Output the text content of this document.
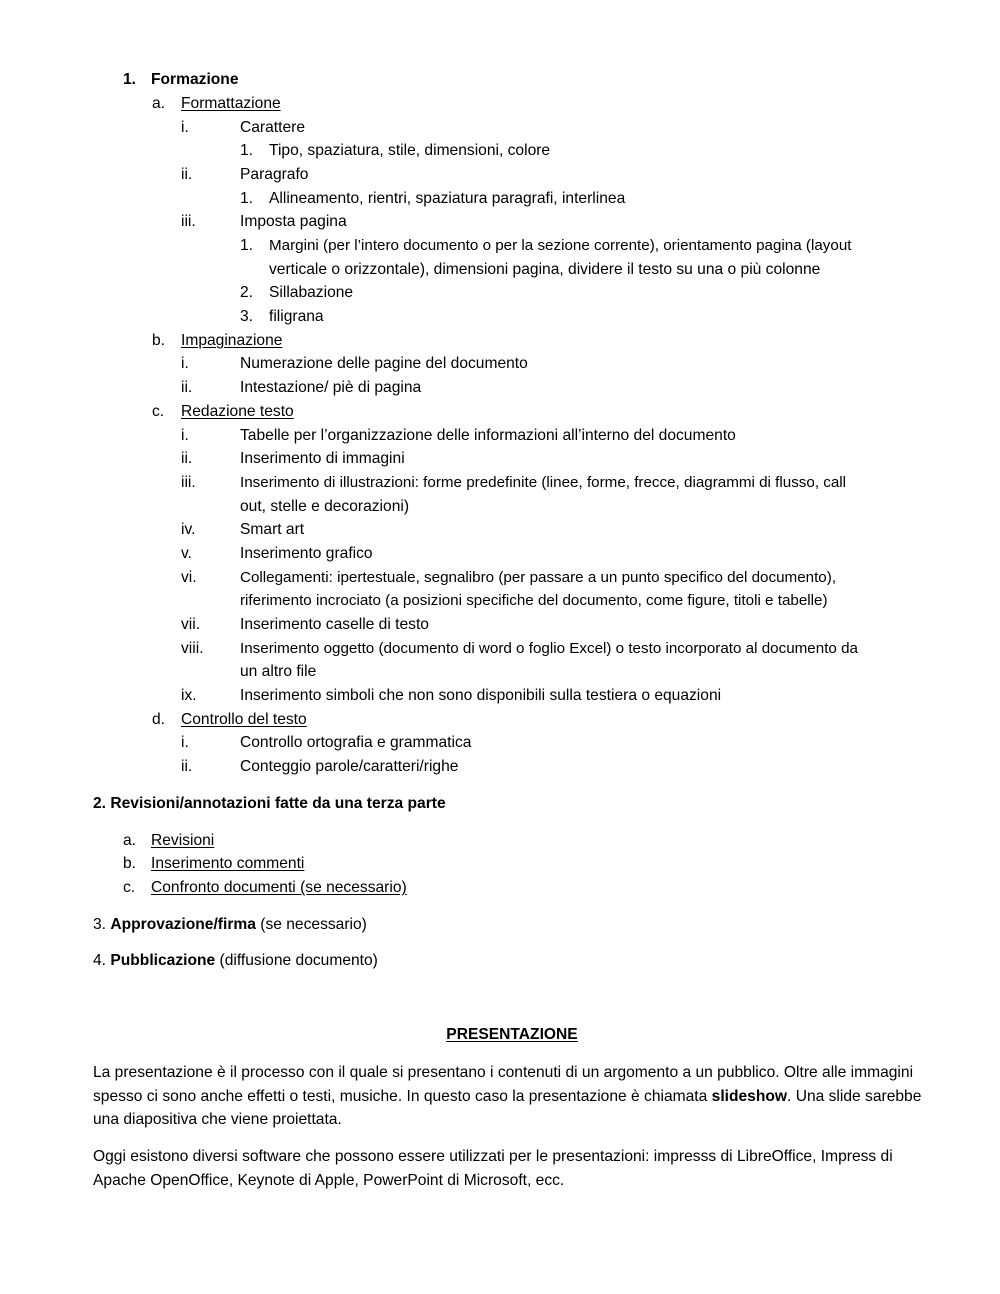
1. Formazione
a. Formattazione
i.	Carattere
1. Tipo, spaziatura, stile, dimensioni, colore
ii.	Paragrafo
1. Allineamento, rientri, spaziatura paragrafi, interlinea
iii.	Imposta pagina
1. Margini (per l’intero documento o per la sezione corrente), orientamento pagina (layout
verticale o orizzontale), dimensioni pagina, dividere il testo su una o più colonne
2. Sillabazione
3. filigrana
b. Impaginazione
i.	Numerazione delle pagine del documento
ii.	Intestazione/ piè di pagina
c. Redazione testo
i.	Tabelle per l’organizzazione delle informazioni all’interno del documento
ii.	Inserimento di immagini
iii.	Inserimento di illustrazioni: forme predefinite (linee, forme, frecce, diagrammi di flusso, call
out, stelle e decorazioni)
iv.	Smart art
v.	Inserimento grafico
vi.	Collegamenti: ipertestuale, segnalibro (per passare a un punto specifico del documento),
riferimento incrociato (a posizioni specifiche del documento, come figure, titoli e tabelle)
vii.	Inserimento caselle di testo
viii. Inserimento oggetto (documento di word o foglio Excel) o testo incorporato al documento da
un altro file
ix.	Inserimento simboli che non sono disponibili sulla testiera o equazioni
d. Controllo del testo
i.	Controllo ortografia e grammatica
ii.	Conteggio parole/caratteri/righe
2. Revisioni/annotazioni fatte da una terza parte
a. Revisioni
b. Inserimento commenti
c. Confronto documenti (se necessario)
3. Approvazione/firma (se necessario)
4. Pubblicazione (diffusione documento)
PRESENTAZIONE
La presentazione è il processo con il quale si presentano i contenuti di un argomento a un pubblico. Oltre alle immagini spesso ci sono anche effetti o testi, musiche. In questo caso la presentazione è chiamata slideshow. Una slide sarebbe una diapositiva che viene proiettata.
Oggi esistono diversi software che possono essere utilizzati per le presentazioni: impresss di LibreOffice, Impress di Apache OpenOffice, Keynote di Apple, PowerPoint di Microsoft, ecc.
